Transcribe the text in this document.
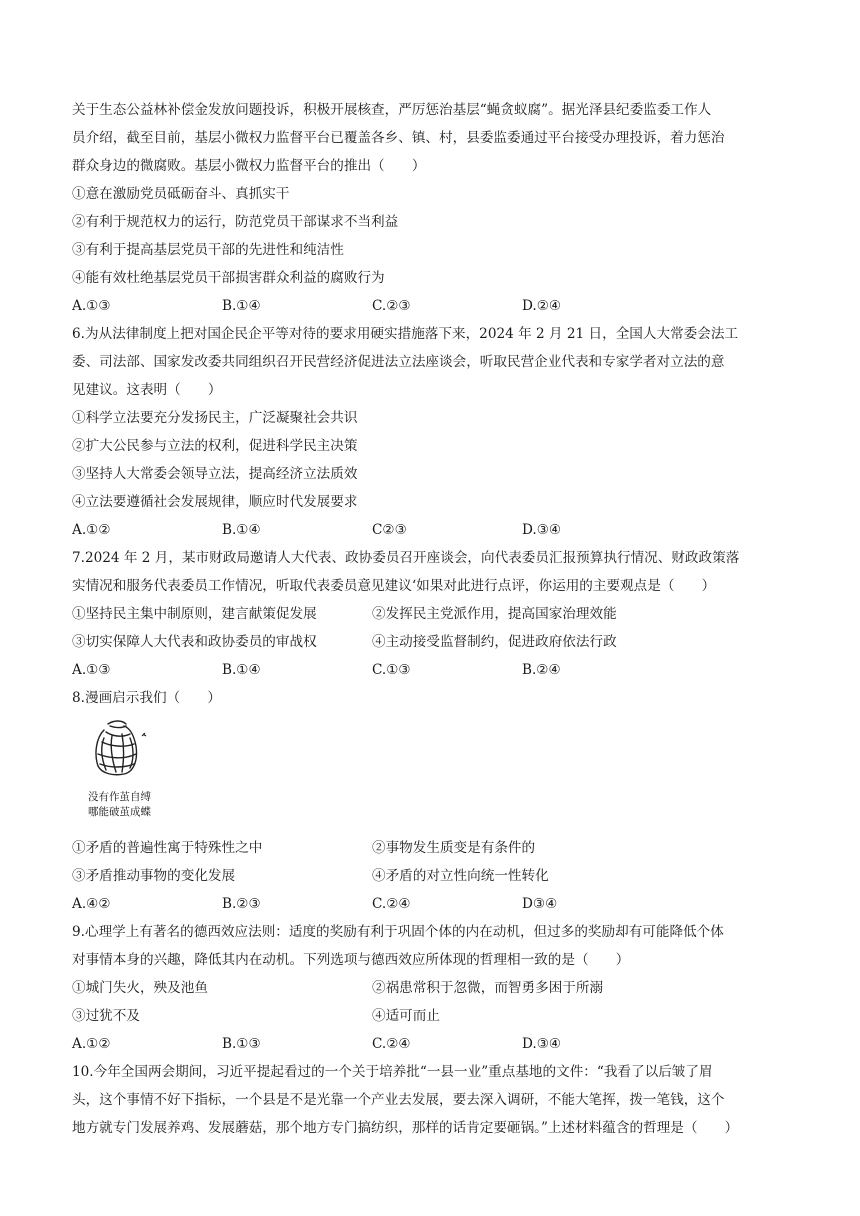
关于生态公益林补偿金发放问题投诉，积极开展核查，严厉惩治基层“蝇贪蚁腐”。据光泽县纪委监委工作人
员介绍，截至目前，基层小微权力监督平台已覆盖各乡、镇、村，县委监委通过平台接受办理投诉，着力惩治
群众身边的微腐败。基层小微权力监督平台的推出（　　）
①意在激励党员砥砺奋斗、真抓实干
②有利于规范权力的运行，防范党员干部谋求不当利益
③有利于提高基层党员干部的先进性和纯洁性
④能有效杜绝基层党员干部损害群众利益的腐败行为
A.①③	B.①④	C.②③	D.②④
6.为从法律制度上把对国企民企平等对待的要求用硬实措施落下来，2024 年 2 月 21 日，全国人大常委会法工
委、司法部、国家发改委共同组织召开民营经济促进法立法座谈会，听取民营企业代表和专家学者对立法的意
见建议。这表明（　　）
①科学立法要充分发扬民主，广泛凝聚社会共识
②扩大公民参与立法的权利，促进科学民主决策
③坚持人大常委会领导立法，提高经济立法质效
④立法要遵循社会发展规律，顺应时代发展要求
A.①②	B.①④	C②③	D.③④
7.2024 年 2 月，某市财政局邀请人大代表、政协委员召开座谈会，向代表委员汇报预算执行情况、财政政策落
实情况和服务代表委员工作情况，听取代表委员意见建议‘如果对此进行点评，你运用的主要观点是（　　）
①坚持民主集中制原则，建言献策促发展	②发挥民主党派作用，提高国家治理效能
③切实保障人大代表和政协委员的审战权	④主动接受监督制约，促进政府依法行政
A.①③	B.①④	C.①③	B.②④
8.漫画启示我们（　　）
没有作茧自缚
哪能破茧成蝶
①矛盾的普遍性寓于特殊性之中	②事物发生质变是有条件的
③矛盾推动事物的变化发展	④矛盾的对立性向统一性转化
A.④②	B.②③	C.②④	D③④
9.心理学上有著名的德西效应法则：适度的奖励有利于巩固个体的内在动机，但过多的奖励却有可能降低个体
对事情本身的兴趣，降低其内在动机。下列选项与德西效应所体现的哲理相一致的是（　　）
①城门失火，殃及池鱼	②祸患常积于忽微，而智勇多困于所溺
③过犹不及	④适可而止
A.①②	B.①③	C.②④	D.③④
10.今年全国两会期间，习近平提起看过的一个关于培养批“一县一业”重点基地的文件：“我看了以后皱了眉
头，这个事情不好下指标，一个县是不是光靠一个产业去发展，要去深入调研，不能大笔挥，拨一笔钱，这个
地方就专门发展养鸡、发展蘑菇，那个地方专门搞纺织，那样的话肯定要砸锅。”上述材料蕴含的哲理是（　　）
